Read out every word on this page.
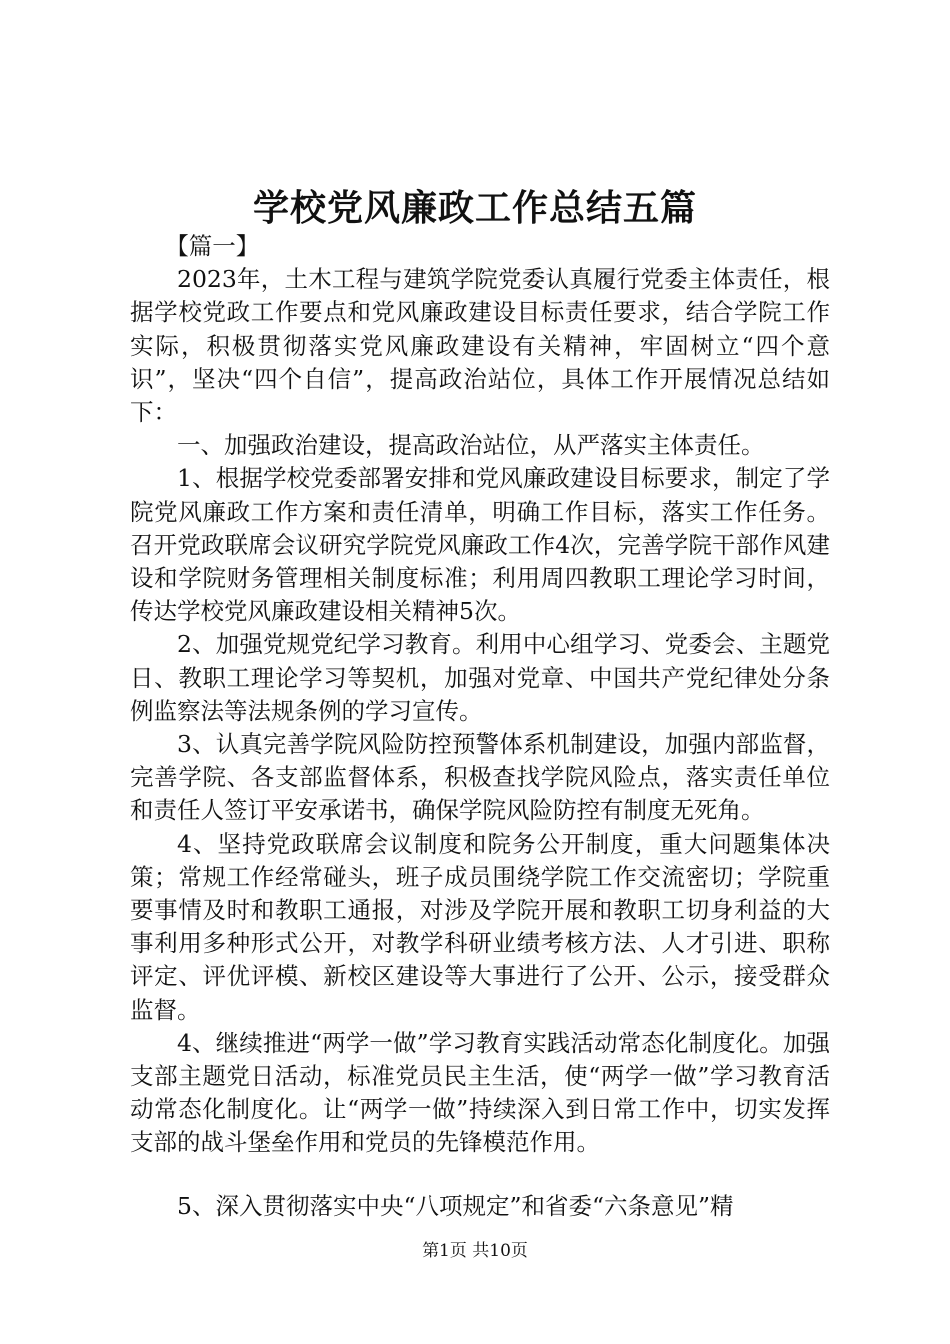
学校党风廉政工作总结五篇

【篇一】

2023年，土木工程与建筑学院党委认真履行党委主体责任，根据学校党政工作要点和党风廉政建设目标责任要求，结合学院工作实际，积极贯彻落实党风廉政建设有关精神，牢固树立“四个意识”，坚决“四个自信”，提高政治站位，具体工作开展情况总结如下：

一、加强政治建设，提高政治站位，从严落实主体责任。

1、根据学校党委部署安排和党风廉政建设目标要求，制定了学院党风廉政工作方案和责任清单，明确工作目标，落实工作任务。召开党政联席会议研究学院党风廉政工作4次，完善学院干部作风建设和学院财务管理相关制度标准；利用周四教职工理论学习时间，传达学校党风廉政建设相关精神5次。

2、加强党规党纪学习教育。利用中心组学习、党委会、主题党日、教职工理论学习等契机，加强对党章、中国共产党纪律处分条例监察法等法规条例的学习宣传。

3、认真完善学院风险防控预警体系机制建设，加强内部监督，完善学院、各支部监督体系，积极查找学院风险点，落实责任单位和责任人签订平安承诺书，确保学院风险防控有制度无死角。

4、坚持党政联席会议制度和院务公开制度，重大问题集体决策；常规工作经常碰头，班子成员围绕学院工作交流密切；学院重要事情及时和教职工通报，对涉及学院开展和教职工切身利益的大事利用多种形式公开，对教学科研业绩考核方法、人才引进、职称评定、评优评模、新校区建设等大事进行了公开、公示，接受群众监督。

4、继续推进“两学一做”学习教育实践活动常态化制度化。加强支部主题党日活动，标准党员民主生活，使“两学一做”学习教育活动常态化制度化。让“两学一做”持续深入到日常工作中，切实发挥支部的战斗堡垒作用和党员的先锋模范作用。

5、深入贯彻落实中央“八项规定”和省委“六条意见”精

第1页 共10页
